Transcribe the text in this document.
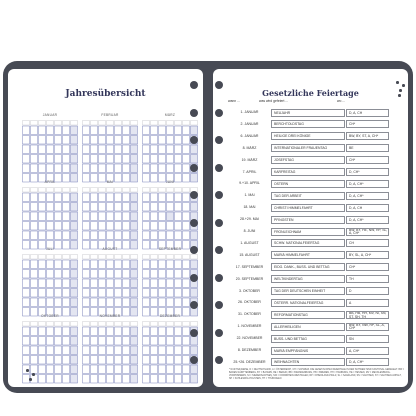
Jahresübersicht
JANUAR	FEBRUAR	MÄRZ
APRIL	MAI	JUNI
JULI	AUGUST	SEPTEMBER
OKTOBER	NOVEMBER	DEZEMBER
Gesetzliche Feiertage
wann ...	was wird gefeiert ...	wo ...
1. JANUAR	NEUJAHR	D, A, CH
2. JANUAR	BERCHTOLDSTAG	CH*
6. JANUAR	HEILIGE DREI KÖNIGE	BW, BY, ST, A, CH*
8. MÄRZ	INTERNATIONALER FRAUENTAG	BE
19. MÄRZ	JOSEFSTAG	CH*
7. APRIL	KARFREITAG	D, CH*
9.+10. APRIL	OSTERN	D, A, CH*
1. MAI	TAG DER ARBEIT	D, A, CH*
18. MAI	CHRISTI HIMMELFAHRT	D, A, CH
28.+29. MAI	PFINGSTEN	D, A, CH*
8. JUNI	FRONLEICHNAM	BW, BY, HE, NW, RP, SL, A, CH*
1. AUGUST	SCHW. NATIONALFEIERTAG	CH
15. AUGUST	MARIÄ HIMMELFAHRT	BY, SL, A, CH*
17. SEPTEMBER	EIDG. DANK-, BUSS- UND BETTAG	CH*
20. SEPTEMBER	WELTKINDERTAG	TH
3. OKTOBER	TAG DER DEUTSCHEN EINHEIT	D
26. OKTOBER	ÖSTERR. NATIONALFEIERTAG	A
31. OKTOBER	REFORMATIONSTAG	BB, HB, HH, MV, NI, SN, ST, SH, TH
1. NOVEMBER	ALLERHEILIGEN	BW, BY, NW, RP, SL, A, CH*
22. NOVEMBER	BUSS- UND BETTAG	SN
8. DEZEMBER	MARIÄ EMPFÄNGNIS	A, CH*
25.+26. DEZEMBER	WEIHNACHTEN	D, A, CH*
* NUR TEILWEISE, D = DEUTSCHLAND, A = ÖSTERREICH, CH = SCHWEIZ. DIE GESETZLICHEN FEIERTAGE IN DER SCHWEIZ SIND KANTONAL GEREGELT. BW = BADEN-WÜRTTEMBERG, BY = BAYERN, BE = BERLIN, BB = BRANDENBURG, HB = BREMEN, HH = HAMBURG, HE = HESSEN, MV = MECKLENBURG-VORPOMMERN, NI = NIEDERSACHSEN, NW = NORDRHEIN-WESTFALEN, RP = RHEINLAND-PFALZ, SL = SAARLAND, SN = SACHSEN, ST = SACHSEN-ANHALT, SH = SCHLESWIG-HOLSTEIN, TH = THÜRINGEN
